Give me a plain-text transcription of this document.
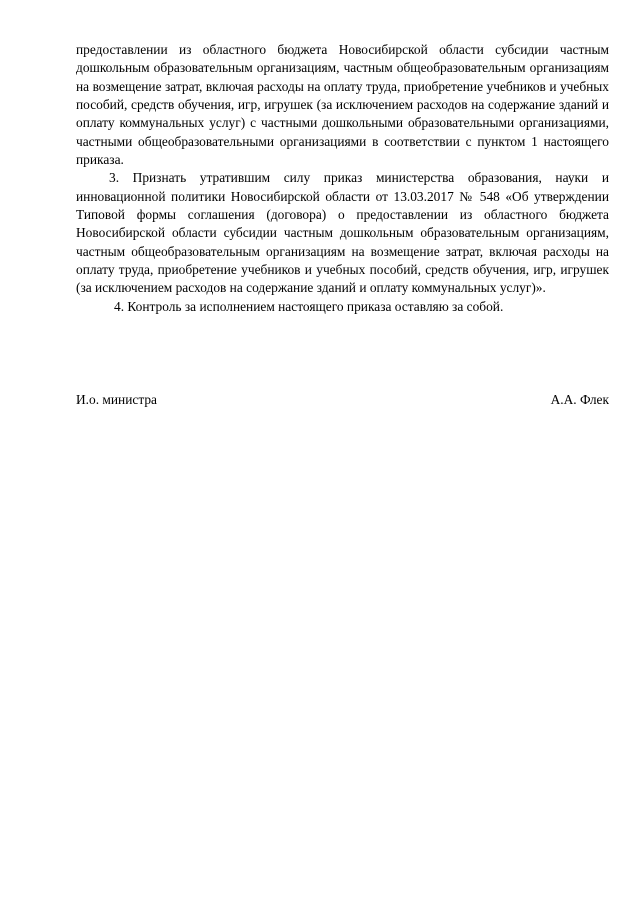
предоставлении из областного бюджета Новосибирской области субсидии частным дошкольным образовательным организациям, частным общеобразовательным организациям на возмещение затрат, включая расходы на оплату труда, приобретение учебников и учебных пособий, средств обучения, игр, игрушек (за исключением расходов на содержание зданий и оплату коммунальных услуг) с частными дошкольными образовательными организациями, частными общеобразовательными организациями в соответствии с пунктом 1 настоящего приказа.

3. Признать утратившим силу приказ министерства образования, науки и инновационной политики Новосибирской области от 13.03.2017 № 548 «Об утверждении Типовой формы соглашения (договора) о предоставлении из областного бюджета Новосибирской области субсидии частным дошкольным образовательным организациям, частным общеобразовательным организациям на возмещение затрат, включая расходы на оплату труда, приобретение учебников и учебных пособий, средств обучения, игр, игрушек (за исключением расходов на содержание зданий и оплату коммунальных услуг)».

4. Контроль за исполнением настоящего приказа оставляю за собой.

И.о. министра	А.А. Флек
